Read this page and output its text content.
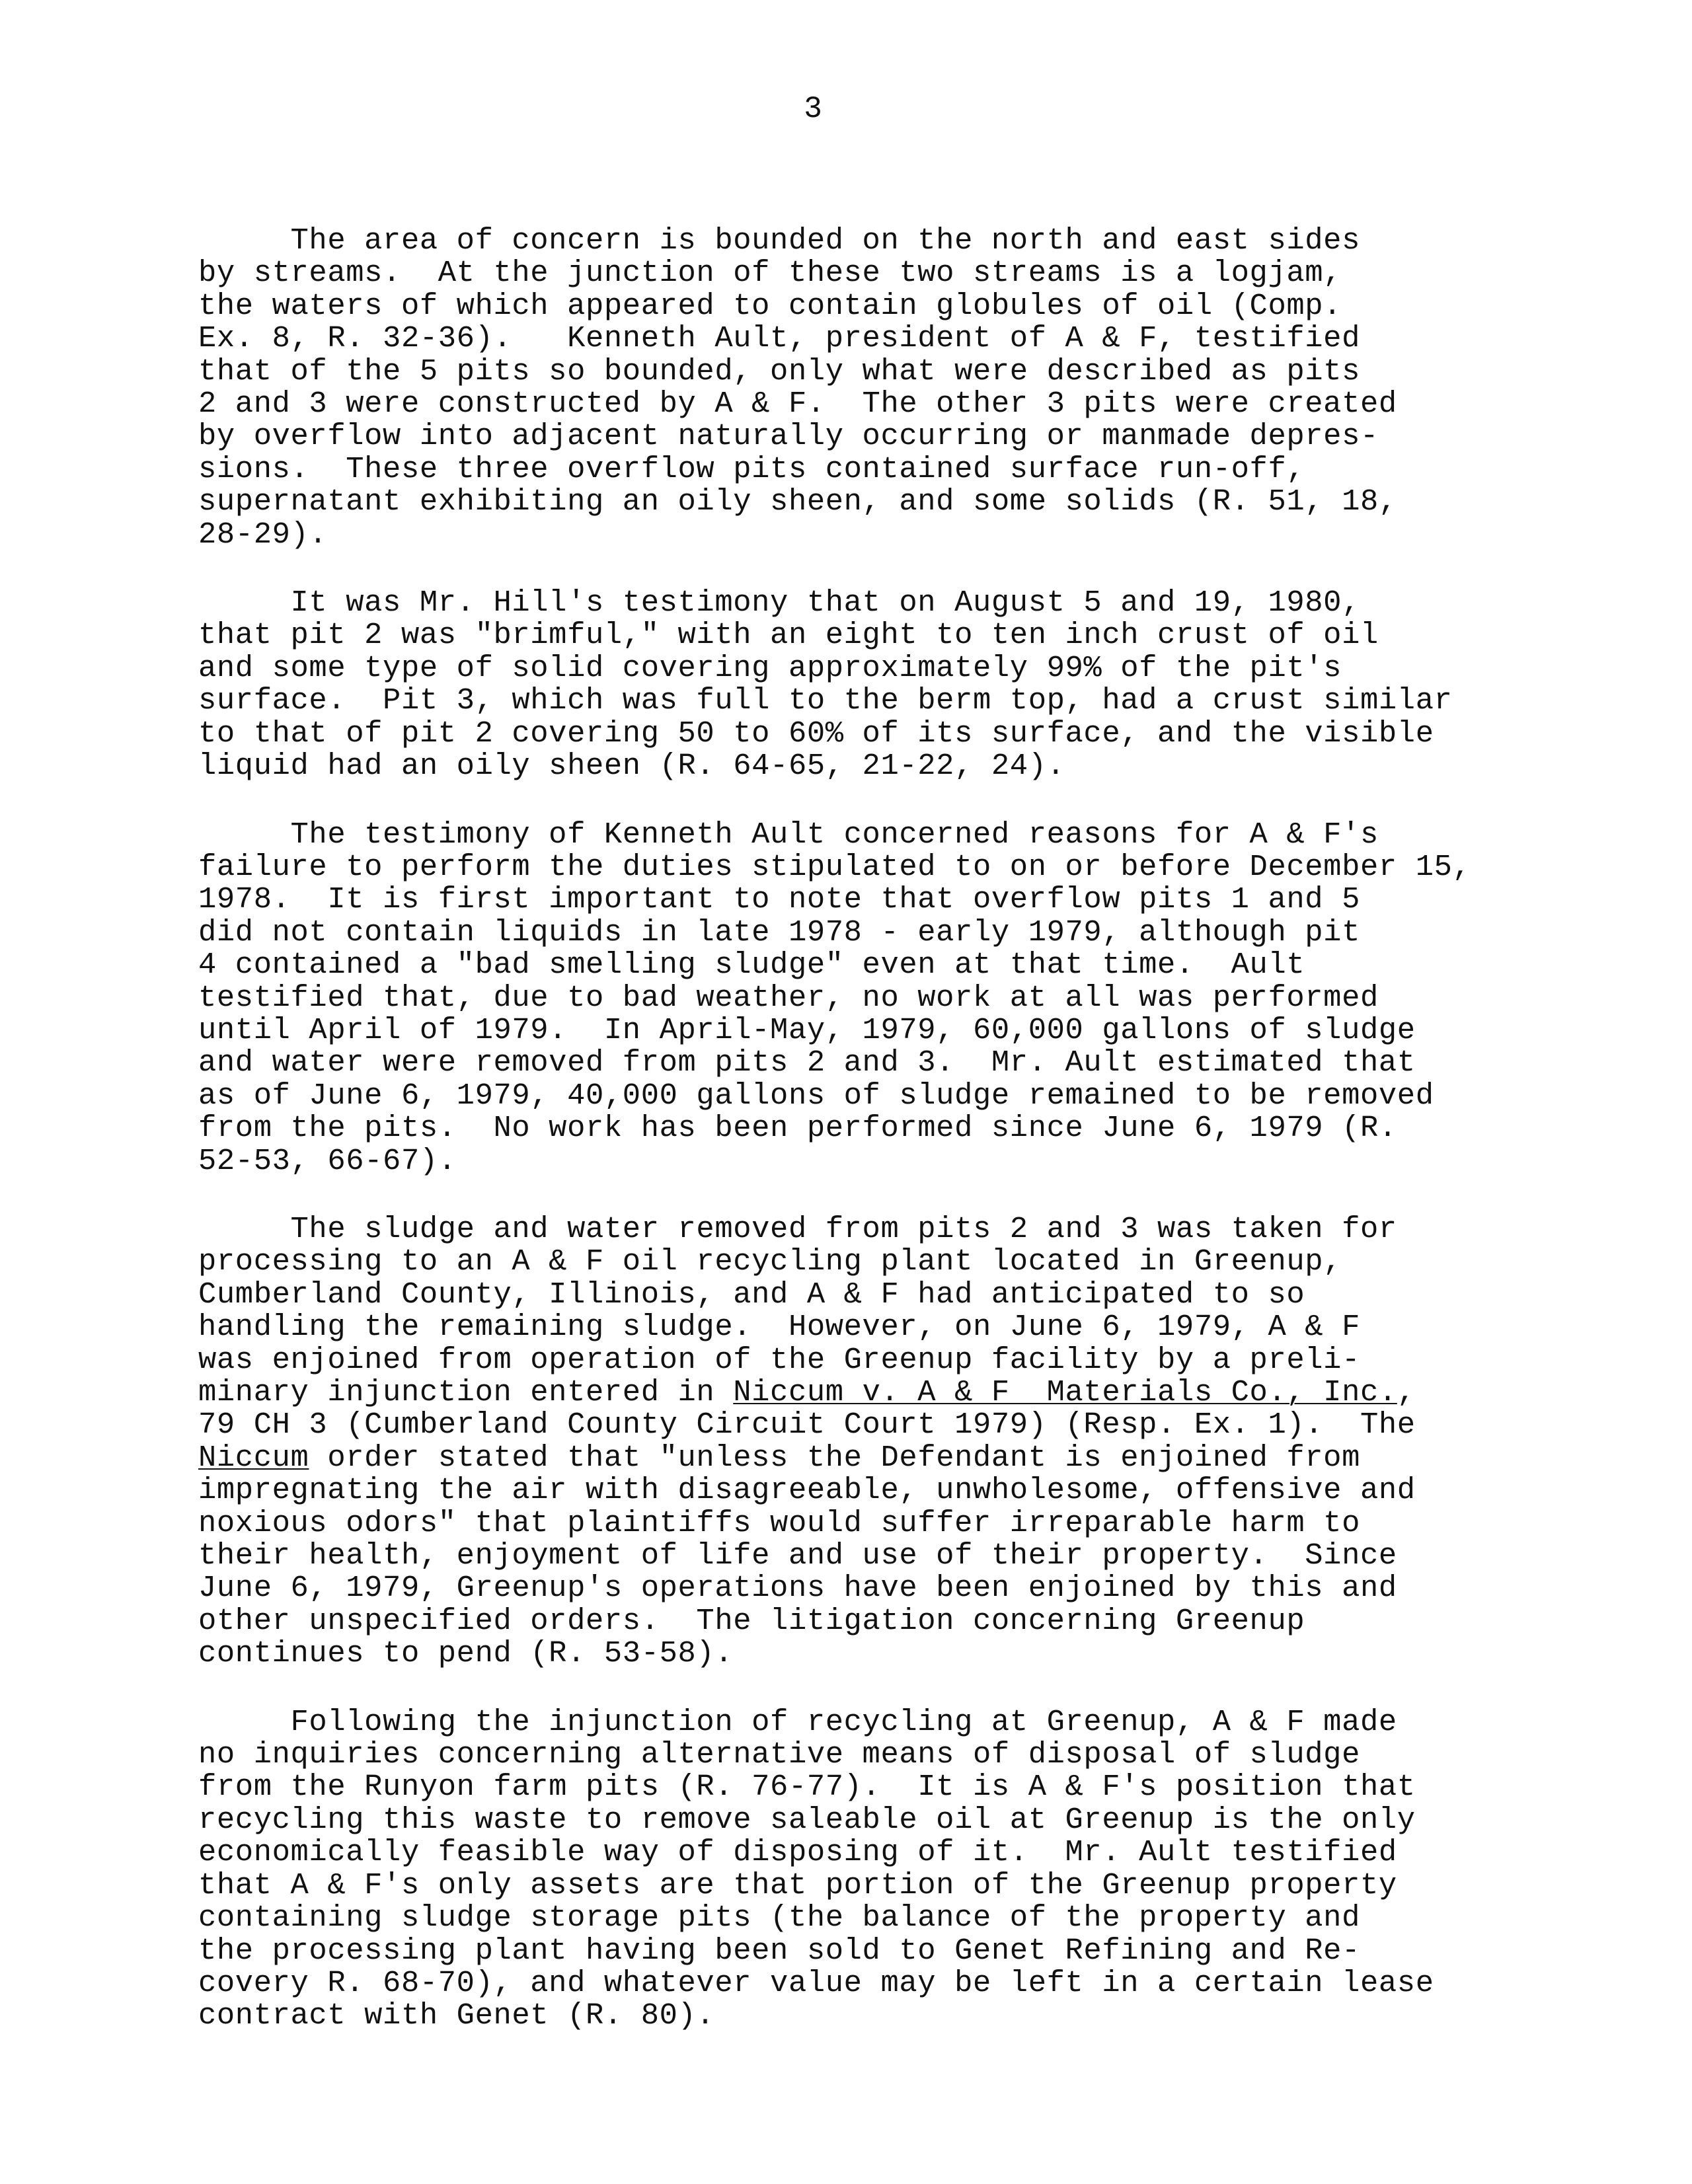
3
The area of concern is bounded on the north and east sides
by streams.  At the junction of these two streams is a logjam,
the waters of which appeared to contain globules of oil (Comp.
Ex. 8, R. 32-36).   Kenneth Ault, president of A & F, testified
that of the 5 pits so bounded, only what were described as pits
2 and 3 were constructed by A & F.  The other 3 pits were created
by overflow into adjacent naturally occurring or manmade depres-
sions.  These three overflow pits contained surface run-off,
supernatant exhibiting an oily sheen, and some solids (R. 51, 18,
28-29).
It was Mr. Hill's testimony that on August 5 and 19, 1980,
that pit 2 was "brimful," with an eight to ten inch crust of oil
and some type of solid covering approximately 99% of the pit's
surface.  Pit 3, which was full to the berm top, had a crust similar
to that of pit 2 covering 50 to 60% of its surface, and the visible
liquid had an oily sheen (R. 64-65, 21-22, 24).
The testimony of Kenneth Ault concerned reasons for A & F's
failure to perform the duties stipulated to on or before December 15,
1978.  It is first important to note that overflow pits 1 and 5
did not contain liquids in late 1978 - early 1979, although pit
4 contained a "bad smelling sludge" even at that time.  Ault
testified that, due to bad weather, no work at all was performed
until April of 1979.  In April-May, 1979, 60,000 gallons of sludge
and water were removed from pits 2 and 3.  Mr. Ault estimated that
as of June 6, 1979, 40,000 gallons of sludge remained to be removed
from the pits.  No work has been performed since June 6, 1979 (R.
52-53, 66-67).
The sludge and water removed from pits 2 and 3 was taken for
processing to an A & F oil recycling plant located in Greenup,
Cumberland County, Illinois, and A & F had anticipated to so
handling the remaining sludge.  However, on June 6, 1979, A & F
was enjoined from operation of the Greenup facility by a preli-
minary injunction entered in Niccum v. A & F  Materials Co., Inc.,
79 CH 3 (Cumberland County Circuit Court 1979) (Resp. Ex. 1).  The
Niccum order stated that "unless the Defendant is enjoined from
impregnating the air with disagreeable, unwholesome, offensive and
noxious odors" that plaintiffs would suffer irreparable harm to
their health, enjoyment of life and use of their property.  Since
June 6, 1979, Greenup's operations have been enjoined by this and
other unspecified orders.  The litigation concerning Greenup
continues to pend (R. 53-58).
Following the injunction of recycling at Greenup, A & F made
no inquiries concerning alternative means of disposal of sludge
from the Runyon farm pits (R. 76-77).  It is A & F's position that
recycling this waste to remove saleable oil at Greenup is the only
economically feasible way of disposing of it.  Mr. Ault testified
that A & F's only assets are that portion of the Greenup property
containing sludge storage pits (the balance of the property and
the processing plant having been sold to Genet Refining and Re-
covery R. 68-70), and whatever value may be left in a certain lease
contract with Genet (R. 80).
